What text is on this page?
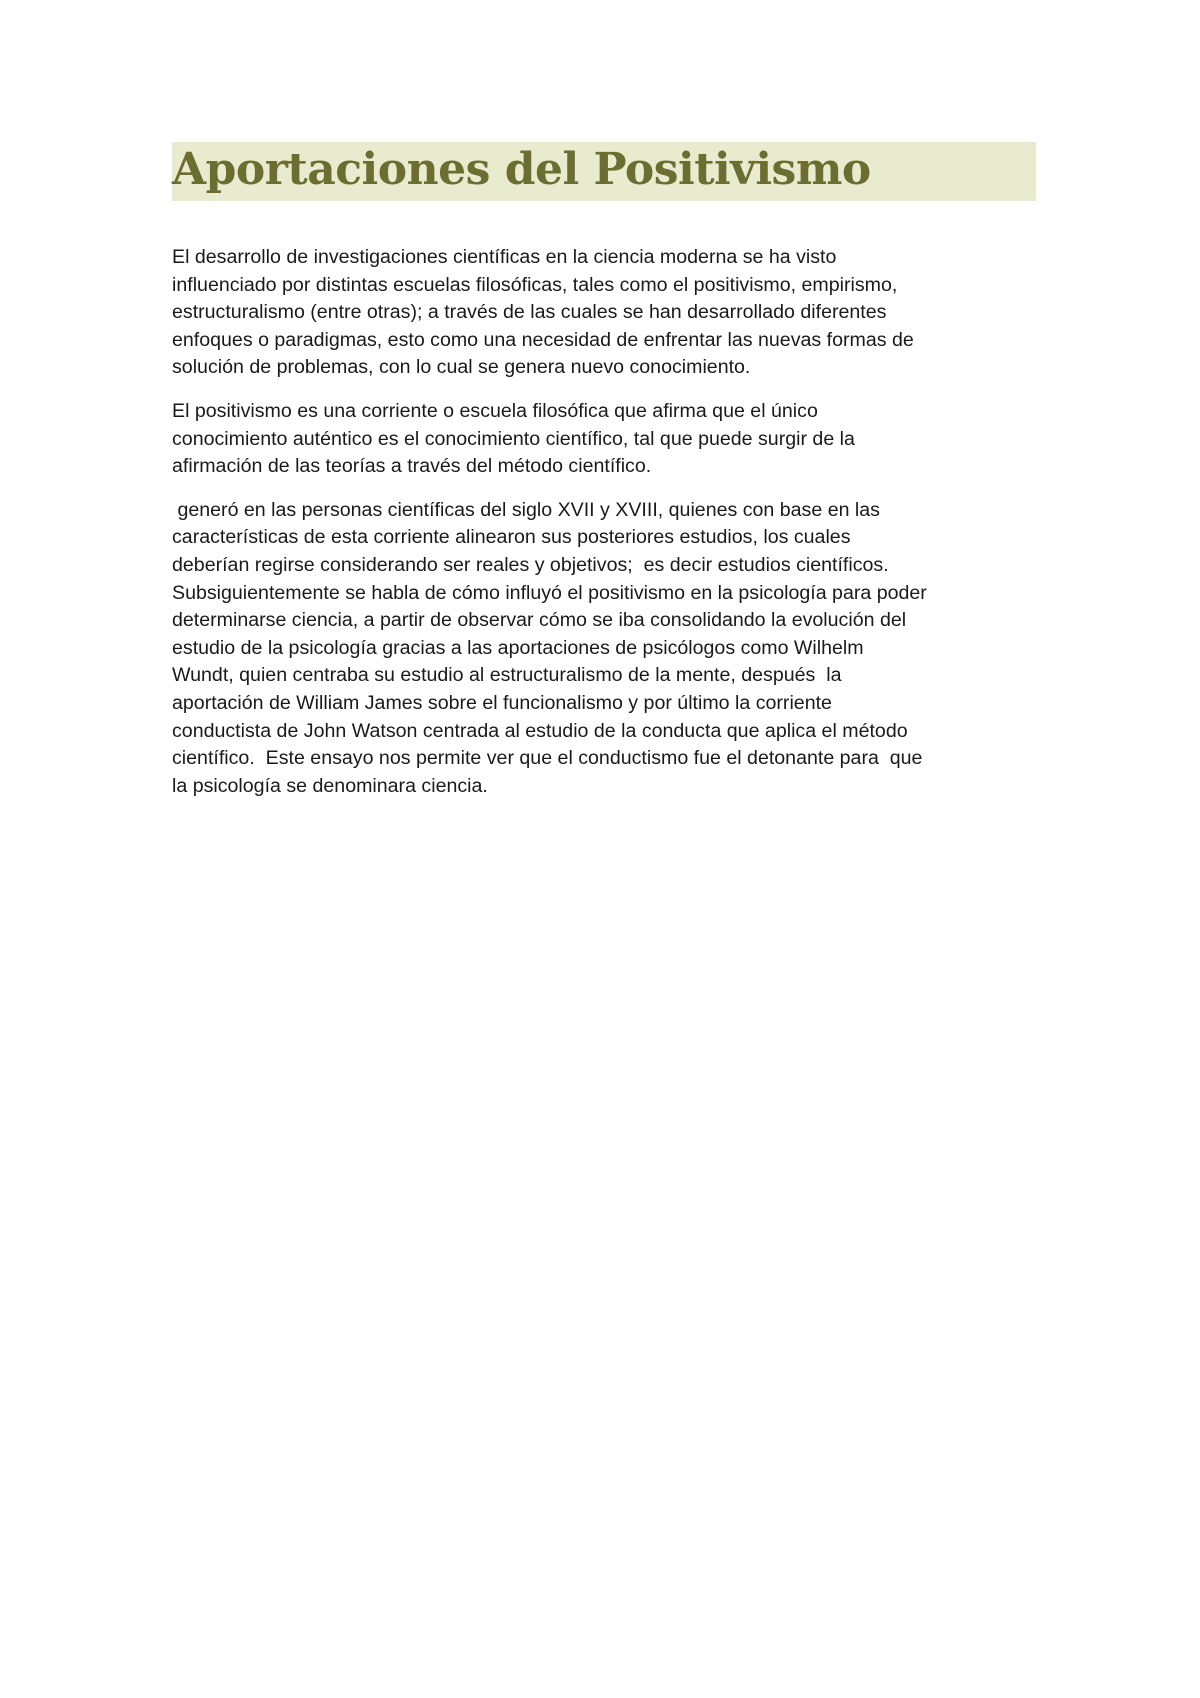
Aportaciones del Positivismo

El desarrollo de investigaciones científicas en la ciencia moderna se ha visto
influenciado por distintas escuelas filosóficas, tales como el positivismo, empirismo,
estructuralismo (entre otras); a través de las cuales se han desarrollado diferentes
enfoques o paradigmas, esto como una necesidad de enfrentar las nuevas formas de
solución de problemas, con lo cual se genera nuevo conocimiento.

El positivismo es una corriente o escuela filosófica que afirma que el único
conocimiento auténtico es el conocimiento científico, tal que puede surgir de la
afirmación de las teorías a través del método científico.

generó en las personas científicas del siglo XVII y XVIII, quienes con base en las
características de esta corriente alinearon sus posteriores estudios, los cuales
deberían regirse considerando ser reales y objetivos;  es decir estudios científicos.
Subsiguientemente se habla de cómo influyó el positivismo en la psicología para poder
determinarse ciencia, a partir de observar cómo se iba consolidando la evolución del
estudio de la psicología gracias a las aportaciones de psicólogos como Wilhelm
Wundt, quien centraba su estudio al estructuralismo de la mente, después  la
aportación de William James sobre el funcionalismo y por último la corriente
conductista de John Watson centrada al estudio de la conducta que aplica el método
científico.  Este ensayo nos permite ver que el conductismo fue el detonante para  que
la psicología se denominara ciencia.
